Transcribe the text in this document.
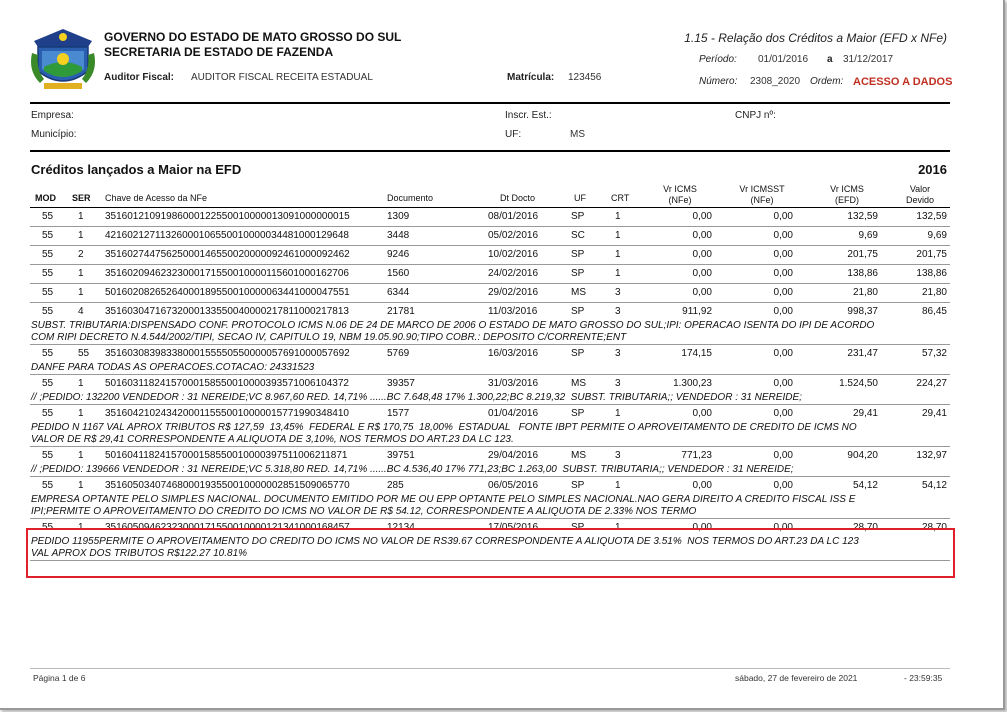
GOVERNO DO ESTADO DE MATO GROSSO DO SUL
SECRETARIA DE ESTADO DE FAZENDA
Auditor Fiscal: AUDITOR FISCAL RECEITA ESTADUAL	Matrícula: 123456
1.15 - Relação dos Créditos a Maior (EFD x NFe)
Período: 01/01/2016 a 31/12/2017
Número: 2308_2020 Ordem: ACESSO A DADOS
Empresa:	Inscr. Est.:	CNPJ nº:
Município:	UF:	MS
Créditos lançados a Maior na EFD	2016
MOD SER Chave de Acesso da NFe	Documento	Dt Docto	UF	CRT
Vr ICMS
(NFe)
Vr ICMSST
(NFe)
Vr ICMS
(EFD)
Valor
Devido
55 1 35160121091986000122550010000013091000000015	1309	08/01/2016	SP	1	0,00	0,00	132,59	132,59
55 1 42160212711326000106550010000034481000129648	3448	05/02/2016	SC	1	0,00	0,00	9,69	9,69
55 2 35160274475625000146550020000092461000092462	9246	10/02/2016	SP	1	0,00	0,00	201,75	201,75
55 1 35160209462323000171550010000115601000162706	1560	24/02/2016	SP	1	0,00	0,00	138,86	138,86
55 1 50160208265264000189550010000063441000047551	6344	29/02/2016	MS	3	0,00	0,00	21,80	21,80
55 4 35160304716732000133550040000217811000217813	21781	11/03/2016	SP	3	911,92	0,00	998,37	86,45
SUBST. TRIBUTARIA:DISPENSADO CONF. PROTOCOLO ICMS N.06 DE 24 DE MARCO DE 2006 O ESTADO DE MATO GROSSO DO SUL;IPI: OPERACAO ISENTA DO IPI DE ACORDO
COM RIPI DECRETO N.4.544/2002/TIPI, SECAO IV, CAPITULO 19, NBM 19.05.90.90;TIPO COBR.: DEPOSITO C/CORRENTE;ENT
55 55 35160308398338000155550550000057691000057692	5769	16/03/2016	SP	3	174,15	0,00	231,47	57,32
DANFE PARA TODAS AS OPERACOES.COTACAO: 24331523
55 1 50160311824157000158550010000393571006104372	39357	31/03/2016	MS	3	1.300,23	0,00	1.524,50	224,27
// ;PEDIDO: 132200 VENDEDOR : 31 NEREIDE;VC 8.967,60 RED. 14,71% ......BC 7.648,48 17% 1.300,22;BC 8.219,32  SUBST. TRIBUTARIA;; VENDEDOR : 31 NEREIDE;
55 1 35160421024342000115550010000015771990348410	1577	01/04/2016	SP	1	0,00	0,00	29,41	29,41
PEDIDO N 1167 VAL APROX TRIBUTOS R$ 127,59  13,45%  FEDERAL E R$ 170,75  18,00%  ESTADUAL   FONTE IBPT PERMITE O APROVEITAMENTO DE CREDITO DE ICMS NO
VALOR DE R$ 29,41 CORRESPONDENTE A ALIQUOTA DE 3,10%, NOS TERMOS DO ART.23 DA LC 123.
55 1 50160411824157000158550010000397511006211871	39751	29/04/2016	MS	3	771,23	0,00	904,20	132,97
// ;PEDIDO: 139666 VENDEDOR : 31 NEREIDE;VC 5.318,80 RED. 14,71% ......BC 4.536,40 17% 771,23;BC 1.263,00  SUBST. TRIBUTARIA;; VENDEDOR : 31 NEREIDE;
55 1 35160503407468000193550010000002851509065770	285	06/05/2016	SP	1	0,00	0,00	54,12	54,12
EMPRESA OPTANTE PELO SIMPLES NACIONAL. DOCUMENTO EMITIDO POR ME OU EPP OPTANTE PELO SIMPLES NACIONAL.NAO GERA DIREITO A CREDITO FISCAL ISS E
IPI;PERMITE O APROVEITAMENTO DO CREDITO DO ICMS NO VALOR DE R$ 54.12, CORRESPONDENTE A ALIQUOTA DE 2.33% NOS TERMO
55 1 35160509462323000171550010000121341000168457	12134	17/05/2016	SP	1	0,00	0,00	28,70	28,70
PEDIDO 11955PERMITE O APROVEITAMENTO DO CREDITO DO ICMS NO VALOR DE RS39.67 CORRESPONDENTE A ALIQUOTA DE 3.51%  NOS TERMOS DO ART.23 DA LC 123
VAL APROX DOS TRIBUTOS R$122.27 10.81%
Página 1 de 6	sábado, 27 de fevereiro de 2021	- 23:59:35
